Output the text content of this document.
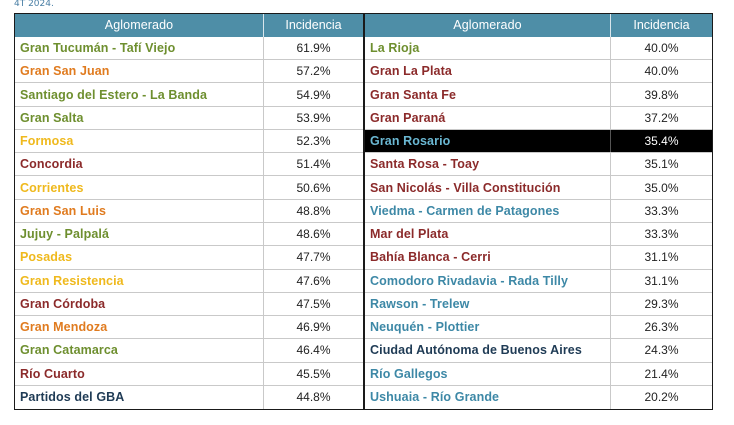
4T 2024.
Aglomerado	Incidencia
Gran Tucumán - Tafí Viejo	61.9%
Gran San Juan	57.2%
Santiago del Estero - La Banda	54.9%
Gran Salta	53.9%
Formosa	52.3%
Concordia	51.4%
Corrientes	50.6%
Gran San Luis	48.8%
Jujuy - Palpalá	48.6%
Posadas	47.7%
Gran Resistencia	47.6%
Gran Córdoba	47.5%
Gran Mendoza	46.9%
Gran Catamarca	46.4%
Río Cuarto	45.5%
Partidos del GBA	44.8%
Aglomerado	Incidencia
La Rioja	40.0%
Gran La Plata	40.0%
Gran Santa Fe	39.8%
Gran Paraná	37.2%
Gran Rosario	35.4%
Santa Rosa - Toay	35.1%
San Nicolás - Villa Constitución	35.0%
Viedma - Carmen de Patagones	33.3%
Mar del Plata	33.3%
Bahía Blanca - Cerri	31.1%
Comodoro Rivadavia - Rada Tilly	31.1%
Rawson - Trelew	29.3%
Neuquén - Plottier	26.3%
Ciudad Autónoma de Buenos Aires	24.3%
Río Gallegos	21.4%
Ushuaia - Río Grande	20.2%
